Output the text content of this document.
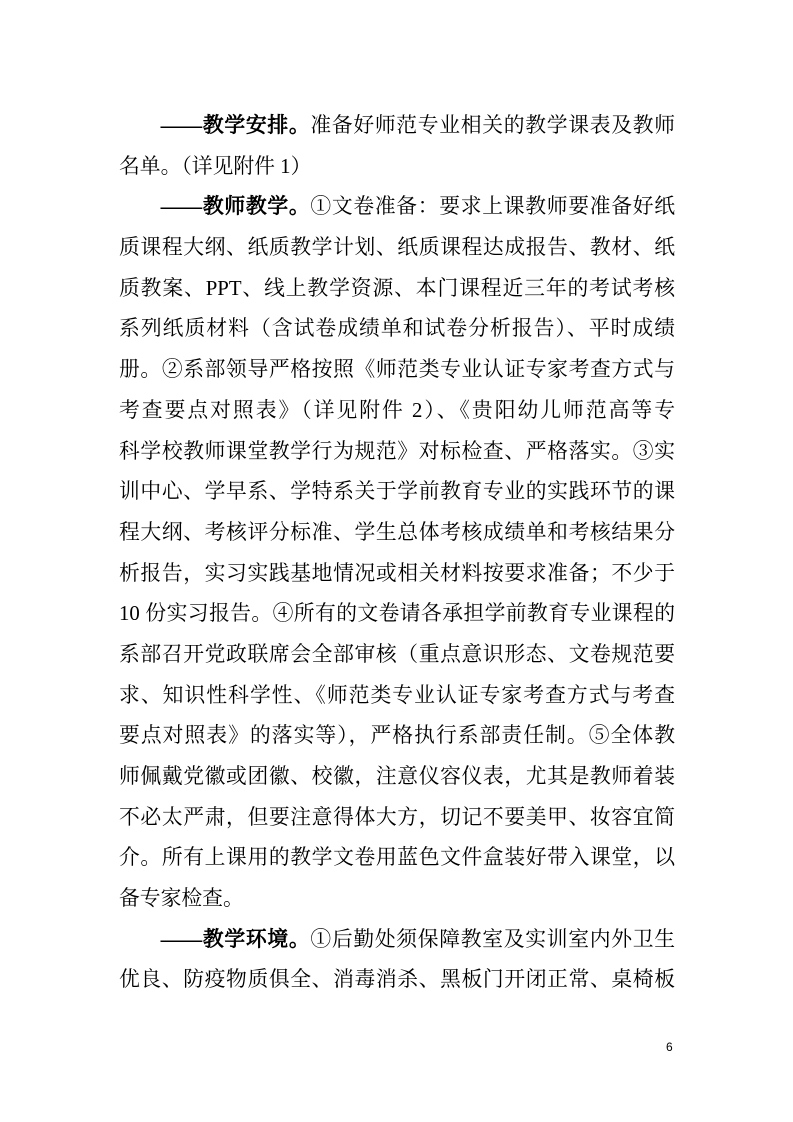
——教学安排。准备好师范专业相关的教学课表及教师
名单。（详见附件 1）
——教师教学。①文卷准备：要求上课教师要准备好纸
质课程大纲、纸质教学计划、纸质课程达成报告、教材、纸
质教案、PPT、线上教学资源、本门课程近三年的考试考核
系列纸质材料（含试卷成绩单和试卷分析报告）、平时成绩
册。②系部领导严格按照《师范类专业认证专家考查方式与
考查要点对照表》（详见附件 2）、《贵阳幼儿师范高等专
科学校教师课堂教学行为规范》对标检查、严格落实。③实
训中心、学早系、学特系关于学前教育专业的实践环节的课
程大纲、考核评分标准、学生总体考核成绩单和考核结果分
析报告，实习实践基地情况或相关材料按要求准备；不少于
10 份实习报告。④所有的文卷请各承担学前教育专业课程的
系部召开党政联席会全部审核（重点意识形态、文卷规范要
求、知识性科学性、《师范类专业认证专家考查方式与考查
要点对照表》的落实等），严格执行系部责任制。⑤全体教
师佩戴党徽或团徽、校徽，注意仪容仪表，尤其是教师着装
不必太严肃，但要注意得体大方，切记不要美甲、妆容宜简
介。所有上课用的教学文卷用蓝色文件盒装好带入课堂，以
备专家检查。
——教学环境。①后勤处须保障教室及实训室内外卫生
优良、防疫物质俱全、消毒消杀、黑板门开闭正常、桌椅板
6
